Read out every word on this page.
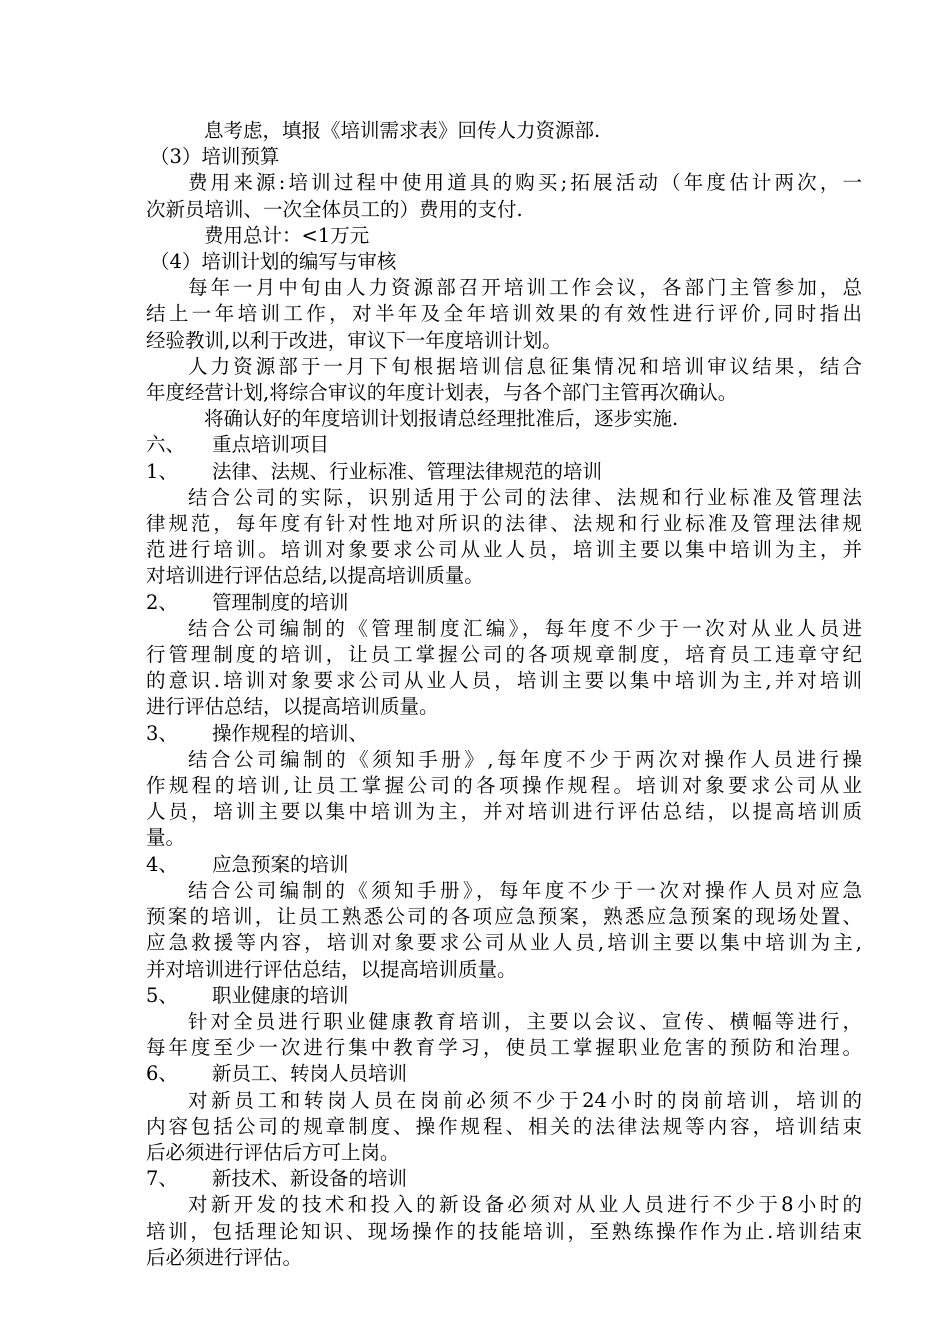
息考虑，填报《培训需求表》回传人力资源部.
（3）培训预算
费用来源:培训过程中使用道具的购买;拓展活动（年度估计两次，一
次新员培训、一次全体员工的）费用的支付.
费用总计：<1万元
（4）培训计划的编写与审核
每年一月中旬由人力资源部召开培训工作会议，各部门主管参加，总
结上一年培训工作，对半年及全年培训效果的有效性进行评价,同时指出
经验教训,以利于改进，审议下一年度培训计划。
人力资源部于一月下旬根据培训信息征集情况和培训审议结果，结合
年度经营计划,将综合审议的年度计划表，与各个部门主管再次确认。
将确认好的年度培训计划报请总经理批准后，逐步实施.
六、	重点培训项目
1、	法律、法规、行业标准、管理法律规范的培训
结合公司的实际，识别适用于公司的法律、法规和行业标准及管理法
律规范，每年度有针对性地对所识的法律、法规和行业标准及管理法律规
范进行培训。培训对象要求公司从业人员，培训主要以集中培训为主，并
对培训进行评估总结,以提高培训质量。
2、	管理制度的培训
结合公司编制的《管理制度汇编》，每年度不少于一次对从业人员进
行管理制度的培训，让员工掌握公司的各项规章制度，培育员工违章守纪
的意识.培训对象要求公司从业人员，培训主要以集中培训为主,并对培训
进行评估总结，以提高培训质量。
3、	操作规程的培训、
结合公司编制的《须知手册》,每年度不少于两次对操作人员进行操
作规程的培训,让员工掌握公司的各项操作规程。培训对象要求公司从业
人员，培训主要以集中培训为主，并对培训进行评估总结，以提高培训质
量。
4、	应急预案的培训
结合公司编制的《须知手册》，每年度不少于一次对操作人员对应急
预案的培训，让员工熟悉公司的各项应急预案，熟悉应急预案的现场处置、
应急救援等内容，培训对象要求公司从业人员,培训主要以集中培训为主,
并对培训进行评估总结，以提高培训质量。
5、	职业健康的培训
针对全员进行职业健康教育培训，主要以会议、宣传、横幅等进行，
每年度至少一次进行集中教育学习，使员工掌握职业危害的预防和治理。
6、	新员工、转岗人员培训
对新员工和转岗人员在岗前必须不少于24小时的岗前培训，培训的
内容包括公司的规章制度、操作规程、相关的法律法规等内容，培训结束
后必须进行评估后方可上岗。
7、	新技术、新设备的培训
对新开发的技术和投入的新设备必须对从业人员进行不少于8小时的
培训，包括理论知识、现场操作的技能培训，至熟练操作作为止.培训结束
后必须进行评估。
